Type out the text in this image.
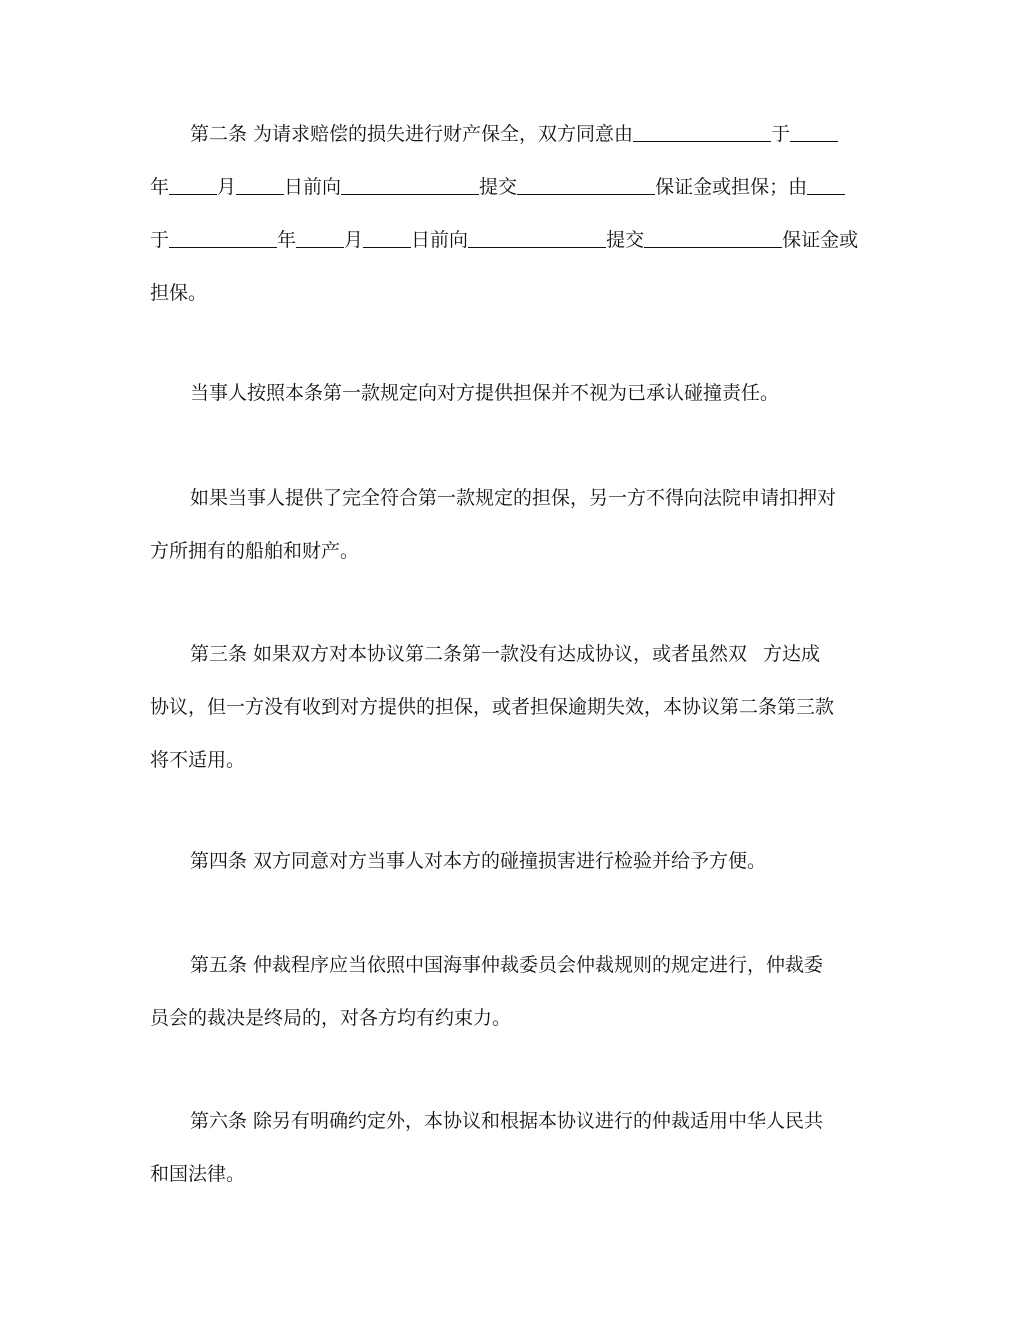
第二条 为请求赔偿的损失进行财产保全，双方同意由	于
年	月	日前向	提交	保证金或担保；由
于	年	月	日前向	提交	保证金或
担保。
当事人按照本条第一款规定向对方提供担保并不视为已承认碰撞责任。
如果当事人提供了完全符合第一款规定的担保，另一方不得向法院申请扣押对
方所拥有的船舶和财产。
第三条 如果双方对本协议第二条第一款没有达成协议，或者虽然双 方达成
协议，但一方没有收到对方提供的担保，或者担保逾期失效，本协议第二条第三款
将不适用。
第四条 双方同意对方当事人对本方的碰撞损害进行检验并给予方便。
第五条 仲裁程序应当依照中国海事仲裁委员会仲裁规则的规定进行，仲裁委
员会的裁决是终局的，对各方均有约束力。
第六条 除另有明确约定外，本协议和根据本协议进行的仲裁适用中华人民共
和国法律。
